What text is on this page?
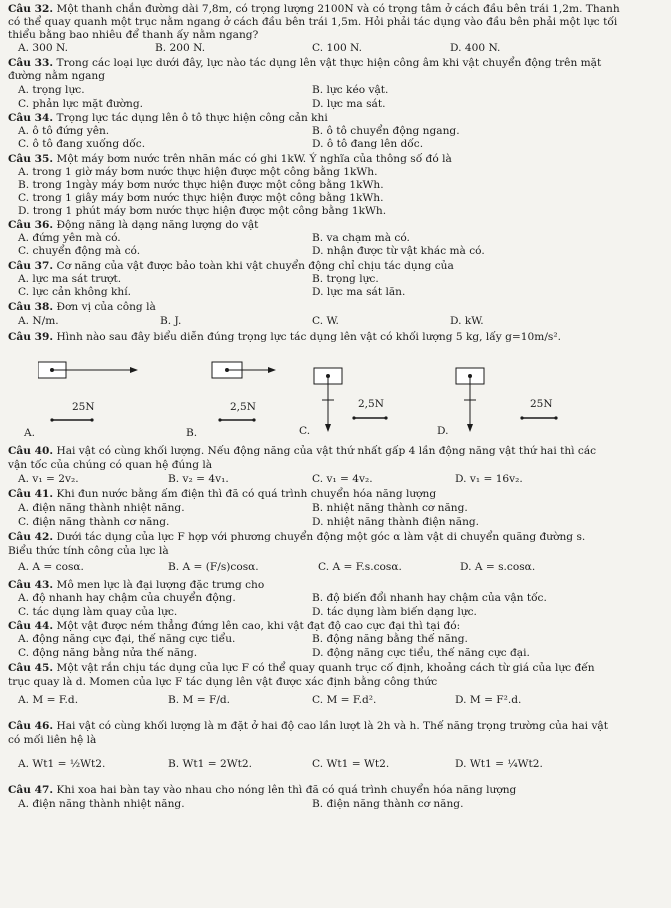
Câu 32. Một thanh chắn đường dài 7,8m, có trọng lượng 2100N và có trọng tâm ở cách đầu bên trái 1,2m. Thanh
có thể quay quanh một trục nằm ngang ở cách đầu bên trái 1,5m. Hỏi phải tác dụng vào đầu bên phải một lực tối
thiểu bằng bao nhiêu để thanh ấy nằm ngang?
A. 300 N.	B. 200 N.	C. 100 N.	D. 400 N.
Câu 33. Trong các loại lực dưới đây, lực nào tác dụng lên vật thực hiện công âm khi vật chuyển động trên mặt
đường nằm ngang
A. trọng lực.	B. lực kéo vật.
C. phản lực mặt đường.	D. lực ma sát.
Câu 34. Trọng lực tác dụng lên ô tô thực hiện công cản khi
A. ô tô đứng yên.	B. ô tô chuyển động ngang.
C. ô tô đang xuống dốc.	D. ô tô đang lên dốc.
Câu 35. Một máy bơm nước trên nhãn mác có ghi 1kW. Ý nghĩa của thông số đó là
A. trong 1 giờ máy bơm nước thực hiện được một công bằng 1kWh.
B. trong 1ngày máy bơm nước thực hiện được một công bằng 1kWh.
C. trong 1 giây máy bơm nước thực hiện được một công bằng 1kWh.
D. trong 1 phút máy bơm nước thực hiện được một công bằng 1kWh.
Câu 36. Động năng là dạng năng lượng do vật
A. đứng yên mà có.	B. va chạm mà có.
C. chuyển động mà có.	D. nhận được từ vật khác mà có.
Câu 37. Cơ năng của vật được bảo toàn khi vật chuyển động chỉ chịu tác dụng của
A. lực ma sát trượt.	B. trọng lực.
C. lực cản không khí.	D. lực ma sát lăn.
Câu 38. Đơn vị của công là
A. N/m.	B. J.	C. W.	D. kW.
Câu 39. Hình nào sau đây biểu diễn đúng trọng lực tác dụng lên vật có khối lượng 5 kg, lấy g=10m/s².
25N
A.
2,5N
B.
2,5N
C.
25N
D.
Câu 40. Hai vật có cùng khối lượng. Nếu động năng của vật thứ nhất gấp 4 lần động năng vật thứ hai thì các
vận tốc của chúng có quan hệ đúng là
A. v₁ = 2v₂.	B. v₂ = 4v₁.	C. v₁ = 4v₂.	D. v₁ = 16v₂.
Câu 41. Khi đun nước bằng ấm điện thì đã có quá trình chuyển hóa năng lượng
A. điện năng thành nhiệt năng.	B. nhiệt năng thành cơ năng.
C. điện năng thành cơ năng.	D. nhiệt năng thành điện năng.
Câu 42. Dưới tác dụng của lực F hợp với phương chuyển động một góc α làm vật di chuyển quãng đường s.
Biểu thức tính công của lực là
A. A = cosα.	B. A = (F/s)cosα.	C. A = F.s.cosα.	D. A = s.cosα.
Câu 43. Mô men lực là đại lượng đặc trưng cho
A. độ nhanh hay chậm của chuyển động.	B. độ biến đổi nhanh hay chậm của vận tốc.
C. tác dụng làm quay của lực.	D. tác dụng làm biến dạng lực.
Câu 44. Một vật được ném thẳng đứng lên cao, khi vật đạt độ cao cực đại thì tại đó:
A. động năng cực đại, thế năng cực tiểu.	B. động năng bằng thế năng.
C. động năng bằng nửa thế năng.	D. động năng cực tiểu, thế năng cực đại.
Câu 45. Một vật rắn chịu tác dụng của lực F có thể quay quanh trục cố định, khoảng cách từ giá của lực đến
trục quay là d. Momen của lực F tác dụng lên vật được xác định bằng công thức
A. M = F.d.	B. M = F/d.	C. M = F.d².	D. M = F².d.
Câu 46. Hai vật có cùng khối lượng là m đặt ở hai độ cao lần lượt là 2h và h. Thế năng trọng trường của hai vật
có mối liên hệ là
A. Wt1 = ½Wt2.	B. Wt1 = 2Wt2.	C. Wt1 = Wt2.	D. Wt1 = ¼Wt2.
Câu 47. Khi xoa hai bàn tay vào nhau cho nóng lên thì đã có quá trình chuyển hóa năng lượng
A. điện năng thành nhiệt năng.	B. điện năng thành cơ năng.
